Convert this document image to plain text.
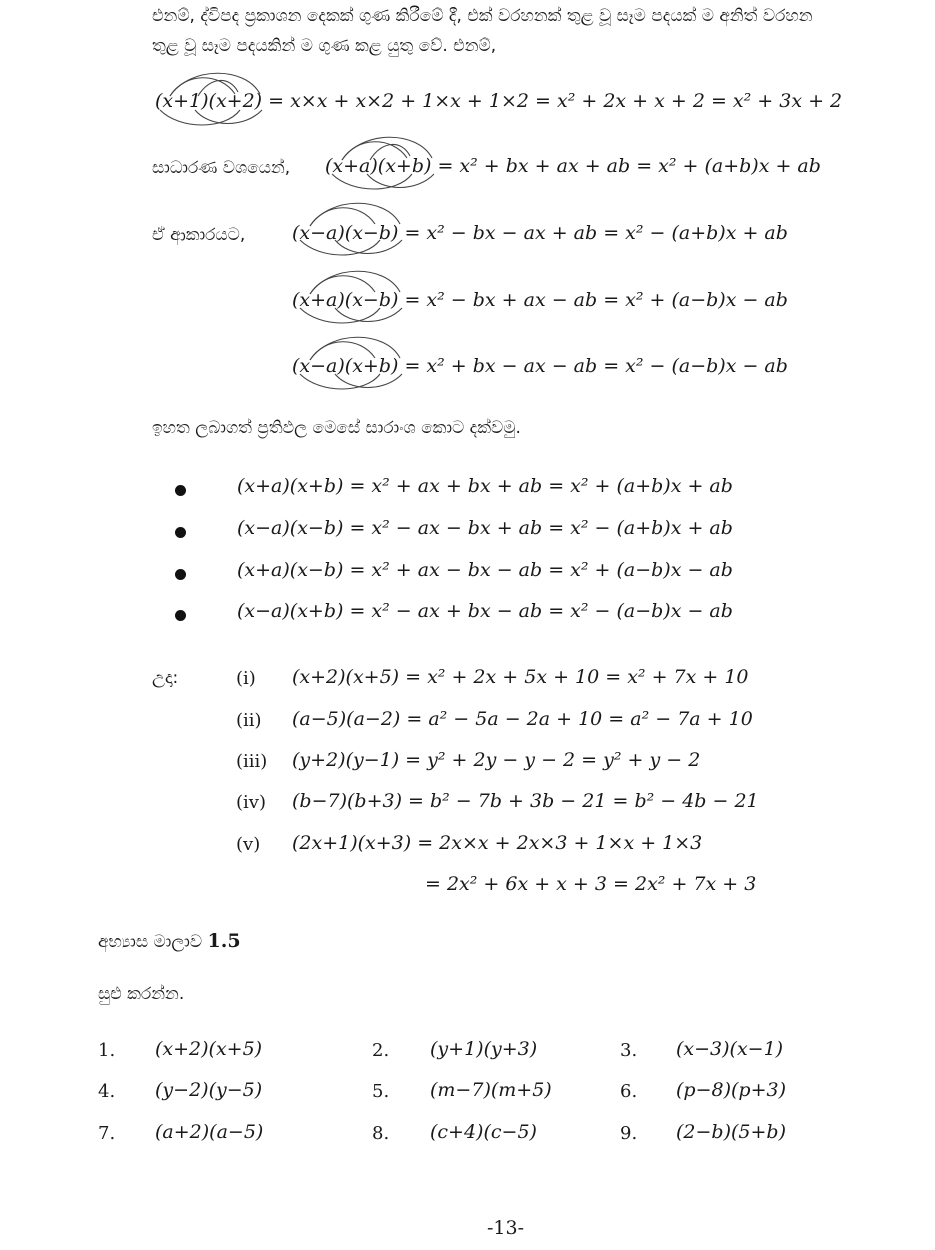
එනම්, ද්විපද ප්‍රකාශන දෙකක් ගුණ කිරීමේ දී, එක් වරහනක් තුළ වූ සෑම පදයක් ම අනිත් වරහන
තුළ වූ සෑම පදයකින් ම ගුණ කළ යුතු වේ. එනම්,
(x+1)(x+2) = x×x + x×2 + 1×x + 1×2 = x² + 2x + x + 2 = x² + 3x + 2
සාධාරණ වශයෙන්, (x+a)(x+b) = x² + bx + ax + ab = x² + (a+b)x + ab
ඒ ආකාරයට, (x−a)(x−b) = x² − bx − ax + ab = x² − (a+b)x + ab
(x+a)(x−b) = x² − bx + ax − ab = x² + (a−b)x − ab
(x−a)(x+b) = x² + bx − ax − ab = x² − (a−b)x − ab
ඉහත ලබාගත් ප්‍රතිඵල මෙසේ සාරාංශ කොට දක්වමු.
(x+a)(x+b) = x² + ax + bx + ab = x² + (a+b)x + ab
(x−a)(x−b) = x² − ax − bx + ab = x² − (a+b)x + ab
(x+a)(x−b) = x² + ax − bx − ab = x² + (a−b)x − ab
(x−a)(x+b) = x² − ax + bx − ab = x² − (a−b)x − ab
උදා:	(i) (x+2)(x+5) = x² + 2x + 5x + 10 = x² + 7x + 10
(ii) (a−5)(a−2) = a² − 5a − 2a + 10 = a² − 7a + 10
(iii) (y+2)(y−1) = y² + 2y − y − 2 = y² + y − 2
(iv) (b−7)(b+3) = b² − 7b + 3b − 21 = b² − 4b − 21
(v) (2x+1)(x+3) = 2x×x + 2x×3 + 1×x + 1×3
= 2x² + 6x + x + 3 = 2x² + 7x + 3
අභ්‍යාස මාලාව 1.5
සුළු කරන්න.
1. (x+2)(x+5)	2. (y+1)(y+3)	3. (x−3)(x−1)
4. (y−2)(y−5)	5. (m−7)(m+5)	6. (p−8)(p+3)
7. (a+2)(a−5)	8. (c+4)(c−5)	9. (2−b)(5+b)
-13-
